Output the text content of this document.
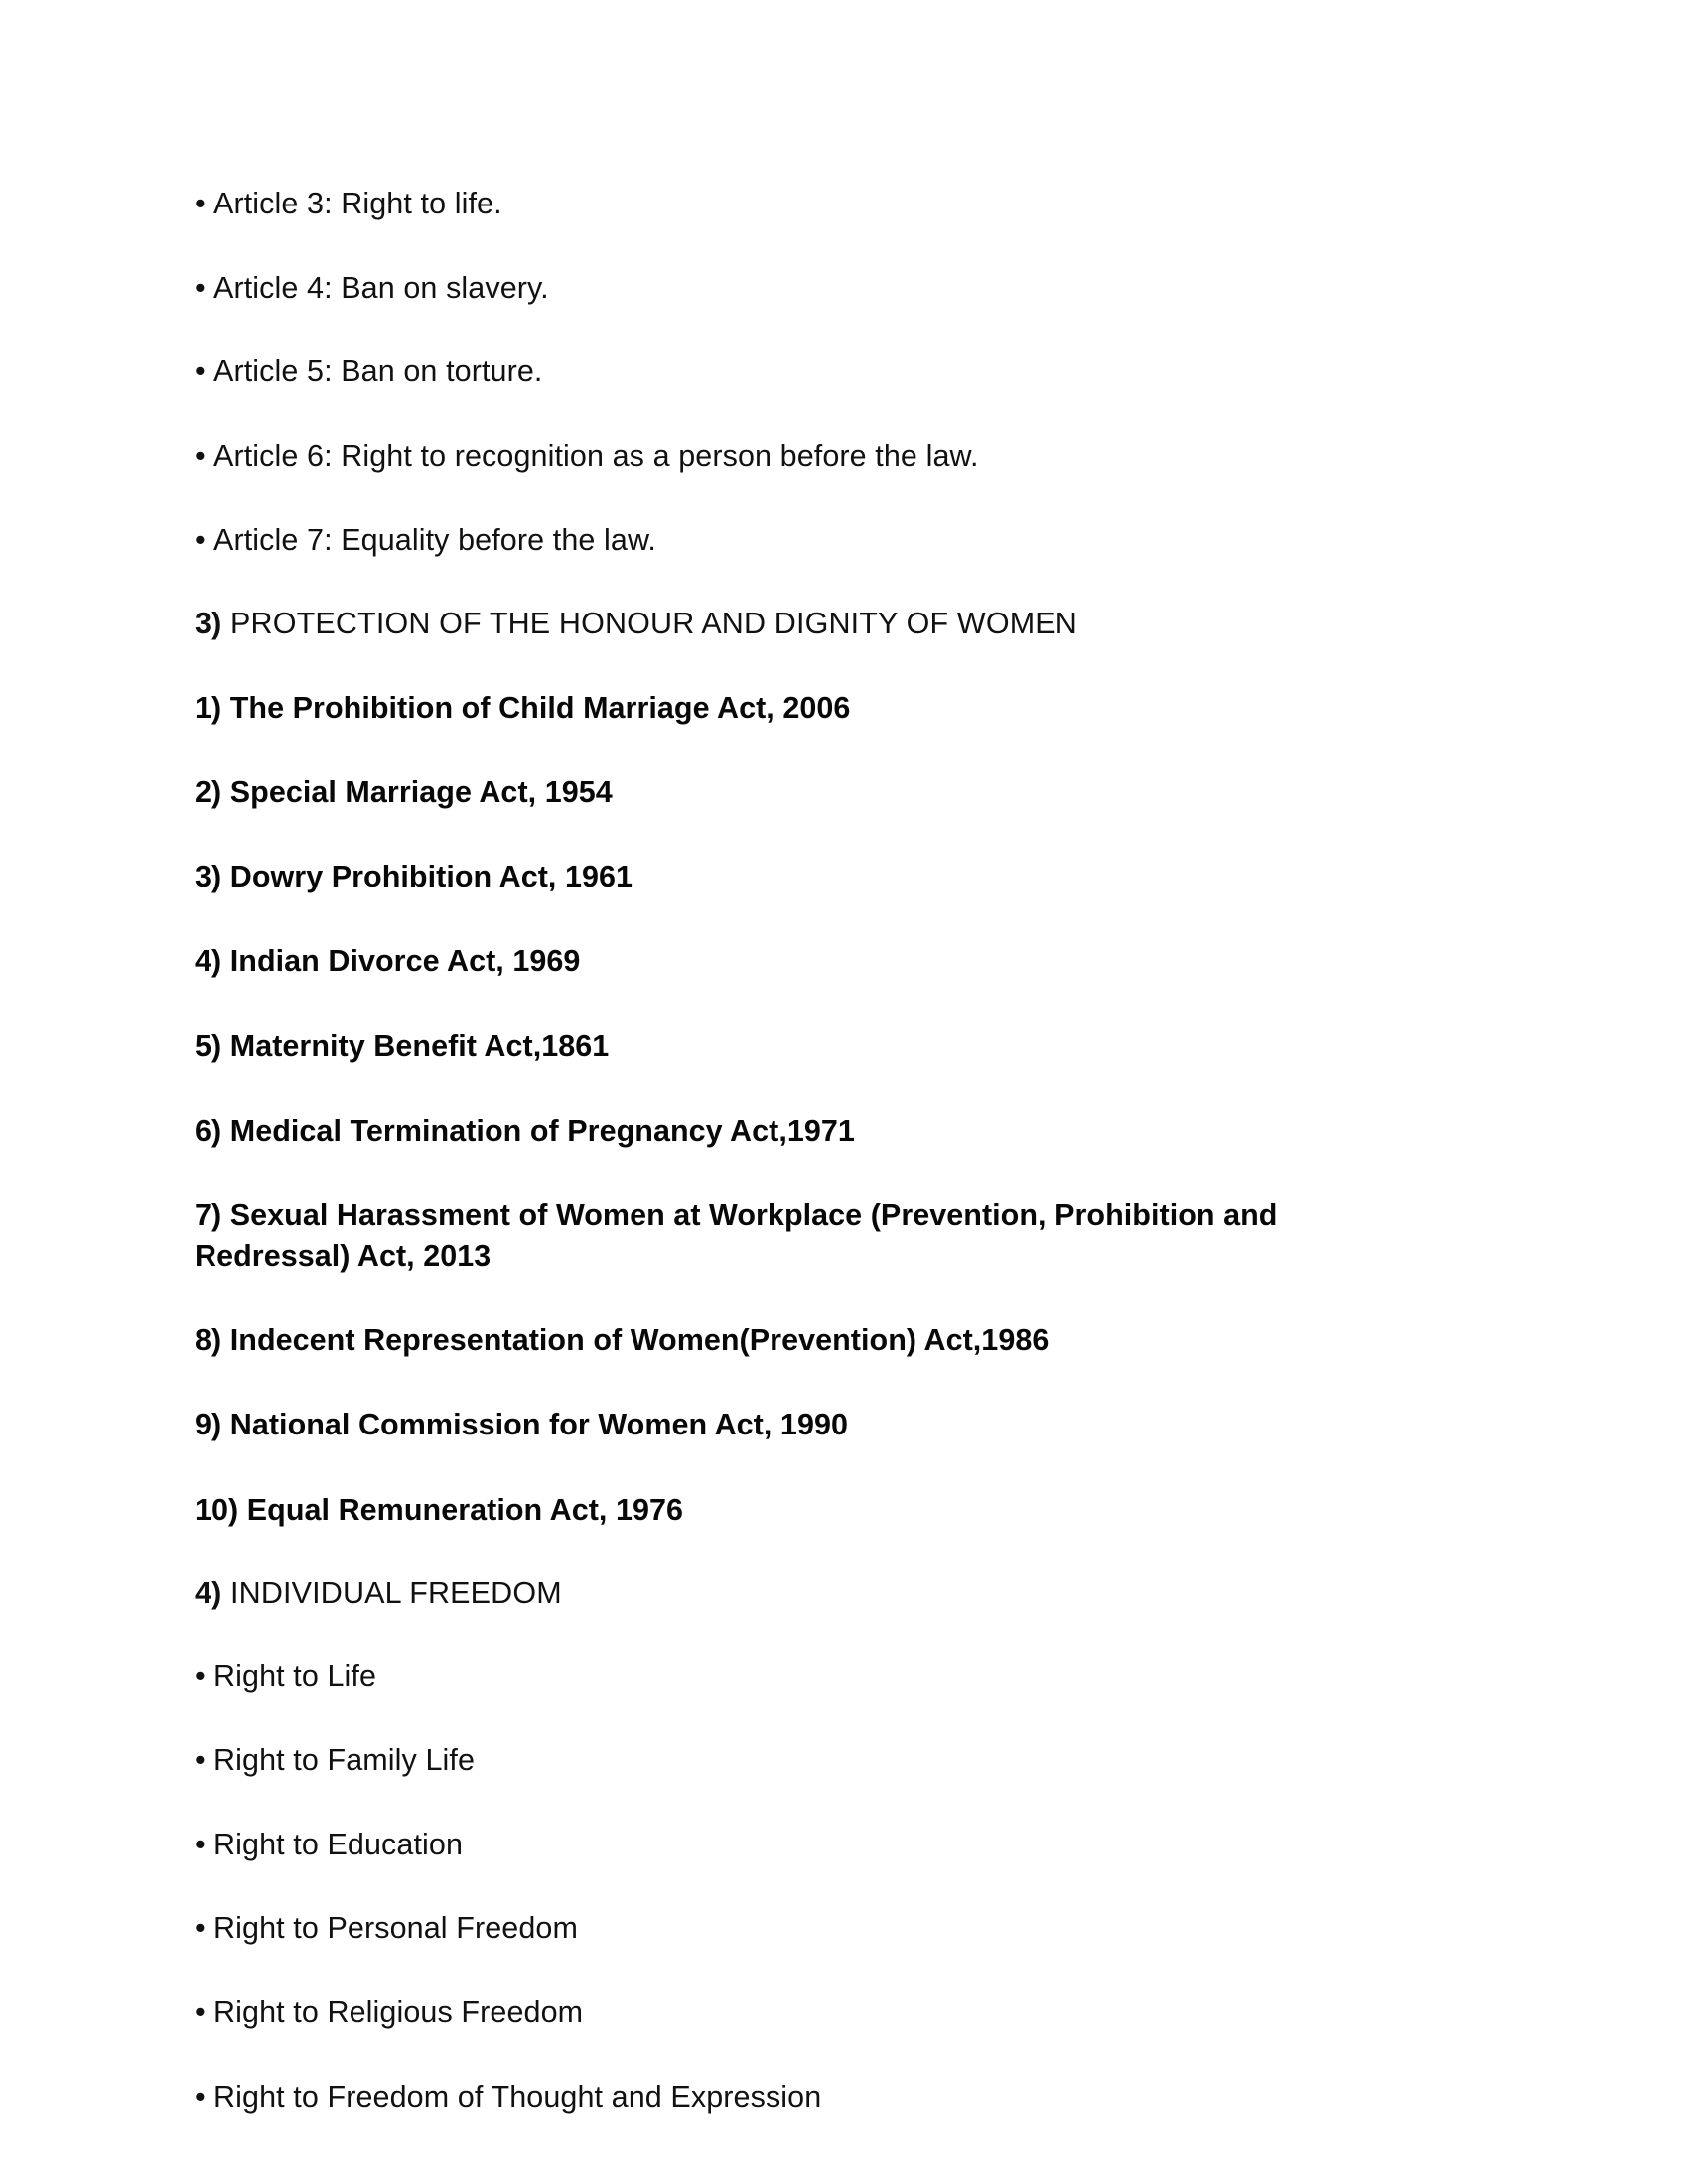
• Article 3: Right to life.
• Article 4: Ban on slavery.
• Article 5: Ban on torture.
• Article 6: Right to recognition as a person before the law.
• Article 7: Equality before the law.
3) PROTECTION OF THE HONOUR AND DIGNITY OF WOMEN
1) The Prohibition of Child Marriage Act, 2006
2) Special Marriage Act, 1954
3) Dowry Prohibition Act, 1961
4) Indian Divorce Act, 1969
5) Maternity Benefit Act,1861
6) Medical Termination of Pregnancy Act,1971
7) Sexual Harassment of Women at Workplace (Prevention, Prohibition and Redressal) Act, 2013
8) Indecent Representation of Women(Prevention) Act,1986
9) National Commission for Women Act, 1990
10) Equal Remuneration Act, 1976
4) INDIVIDUAL FREEDOM
• Right to Life
• Right to Family Life
• Right to Education
• Right to Personal Freedom
• Right to Religious Freedom
• Right to Freedom of Thought and Expression
